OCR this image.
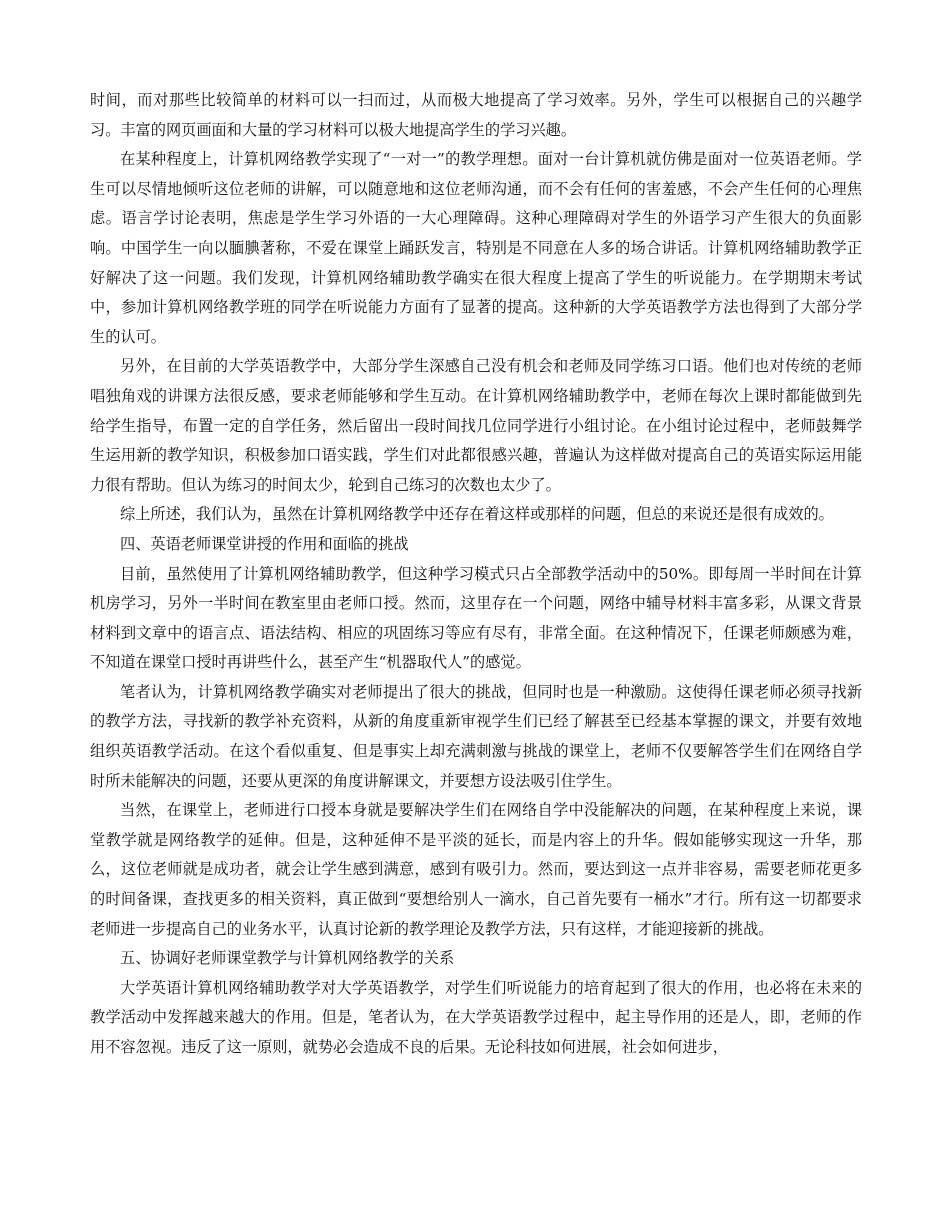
时间，而对那些比较简单的材料可以一扫而过，从而极大地提高了学习效率。另外，学生可以根据自己的兴趣学习。丰富的网页画面和大量的学习材料可以极大地提高学生的学习兴趣。

在某种程度上，计算机网络教学实现了“一对一”的教学理想。面对一台计算机就仿佛是面对一位英语老师。学生可以尽情地倾听这位老师的讲解，可以随意地和这位老师沟通，而不会有任何的害羞感，不会产生任何的心理焦虑。语言学讨论表明，焦虑是学生学习外语的一大心理障碍。这种心理障碍对学生的外语学习产生很大的负面影响。中国学生一向以腼腆著称，不爱在课堂上踊跃发言，特别是不同意在人多的场合讲话。计算机网络辅助教学正好解决了这一问题。我们发现，计算机网络辅助教学确实在很大程度上提高了学生的听说能力。在学期期末考试中，参加计算机网络教学班的同学在听说能力方面有了显著的提高。这种新的大学英语教学方法也得到了大部分学生的认可。

另外，在目前的大学英语教学中，大部分学生深感自己没有机会和老师及同学练习口语。他们也对传统的老师唱独角戏的讲课方法很反感，要求老师能够和学生互动。在计算机网络辅助教学中，老师在每次上课时都能做到先给学生指导，布置一定的自学任务，然后留出一段时间找几位同学进行小组讨论。在小组讨论过程中，老师鼓舞学生运用新的教学知识，积极参加口语实践，学生们对此都很感兴趣，普遍认为这样做对提高自己的英语实际运用能力很有帮助。但认为练习的时间太少，轮到自己练习的次数也太少了。

综上所述，我们认为，虽然在计算机网络教学中还存在着这样或那样的问题，但总的来说还是很有成效的。

四、英语老师课堂讲授的作用和面临的挑战

目前，虽然使用了计算机网络辅助教学，但这种学习模式只占全部教学活动中的50%。即每周一半时间在计算机房学习，另外一半时间在教室里由老师口授。然而，这里存在一个问题，网络中辅导材料丰富多彩，从课文背景材料到文章中的语言点、语法结构、相应的巩固练习等应有尽有，非常全面。在这种情况下，任课老师颇感为难，不知道在课堂口授时再讲些什么，甚至产生“机器取代人”的感觉。

笔者认为，计算机网络教学确实对老师提出了很大的挑战，但同时也是一种激励。这使得任课老师必须寻找新的教学方法，寻找新的教学补充资料，从新的角度重新审视学生们已经了解甚至已经基本掌握的课文，并要有效地组织英语教学活动。在这个看似重复、但是事实上却充满刺激与挑战的课堂上，老师不仅要解答学生们在网络自学时所未能解决的问题，还要从更深的角度讲解课文，并要想方设法吸引住学生。

当然，在课堂上，老师进行口授本身就是要解决学生们在网络自学中没能解决的问题，在某种程度上来说，课堂教学就是网络教学的延伸。但是，这种延伸不是平淡的延长，而是内容上的升华。假如能够实现这一升华，那么，这位老师就是成功者，就会让学生感到满意，感到有吸引力。然而，要达到这一点并非容易，需要老师花更多的时间备课，查找更多的相关资料，真正做到“要想给别人一滴水，自己首先要有一桶水”才行。所有这一切都要求老师进一步提高自己的业务水平，认真讨论新的教学理论及教学方法，只有这样，才能迎接新的挑战。

五、协调好老师课堂教学与计算机网络教学的关系

大学英语计算机网络辅助教学对大学英语教学，对学生们听说能力的培育起到了很大的作用，也必将在未来的教学活动中发挥越来越大的作用。但是，笔者认为，在大学英语教学过程中，起主导作用的还是人，即，老师的作用不容忽视。违反了这一原则，就势必会造成不良的后果。无论科技如何进展，社会如何进步，
